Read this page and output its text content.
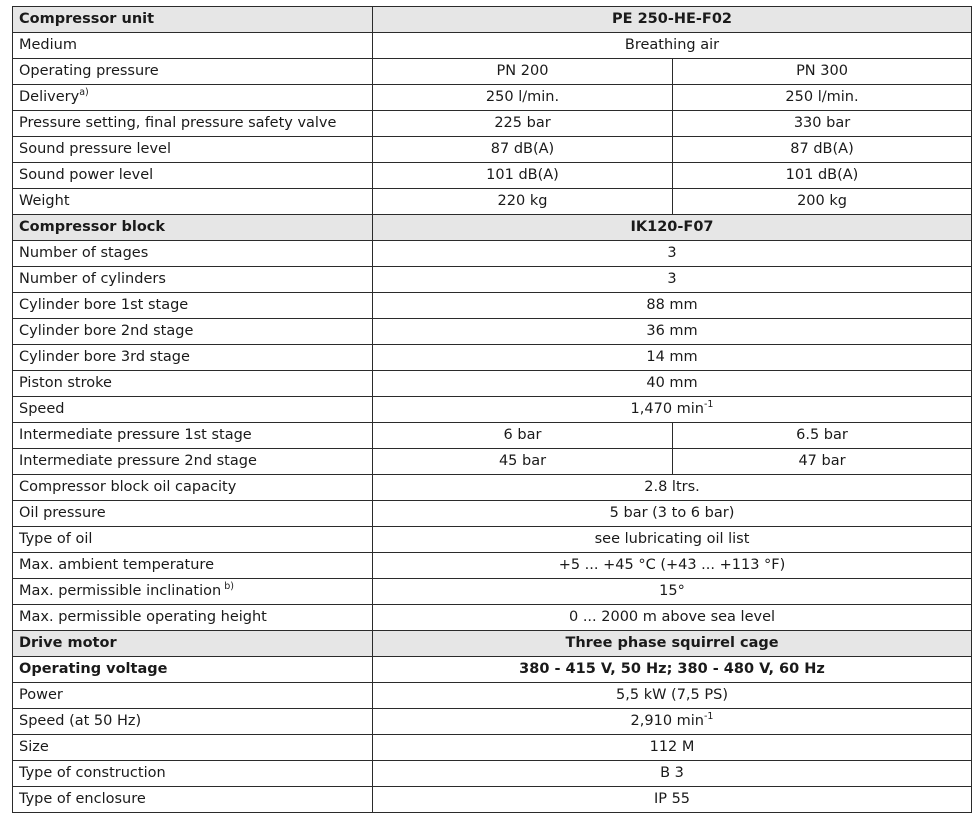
Compressor unit	PE 250-HE-F02	
Medium	Breathing air	
Operating pressure	PN 200	PN 300
Delivery$^{a)}$	250 l/min.	250 l/min.
Pressure setting, final pressure safety valve	225 bar	330 bar
Sound pressure level	87 dB(A)	87 dB(A)
Sound power level	101 dB(A)	101 dB(A)
Weight	220 kg	200 kg
Compressor block	IK120-F07	
Number of stages	3	
Number of cylinders	3	
Cylinder bore 1st stage	88 mm	
Cylinder bore 2nd stage	36 mm	
Cylinder bore 3rd stage	14 mm	
Piston stroke	40 mm	
Speed	1,470 $\min^{-1}$
Intermediate pressure 1st stage	6 bar	6.5 bar
Intermediate pressure 2nd stage	45 bar	47 bar
Compressor block oil capacity	2.8 ltrs.	
Oil pressure	5 bar (3 to 6 bar)	
Type of oil	see lubricating oil list	
Max. ambient temperature	+5 ... +45 °C (+43 ... +113 °F)	
Max. permissible inclination $^{b)}$	15°	
Max. permissible operating height	0 ... 2000 m above sea level	
Drive motor	Three phase squirrel cage	
Operating voltage	380 - 415 V, 50 Hz; 380 - 480 V, 60 Hz	
Power	5,5 kW (7,5 PS)	
Speed (at 50 Hz)	2,910 $\min^{-1}$
Size	112 M	
Type of construction	B 3	
Type of enclosure	IP 55	
